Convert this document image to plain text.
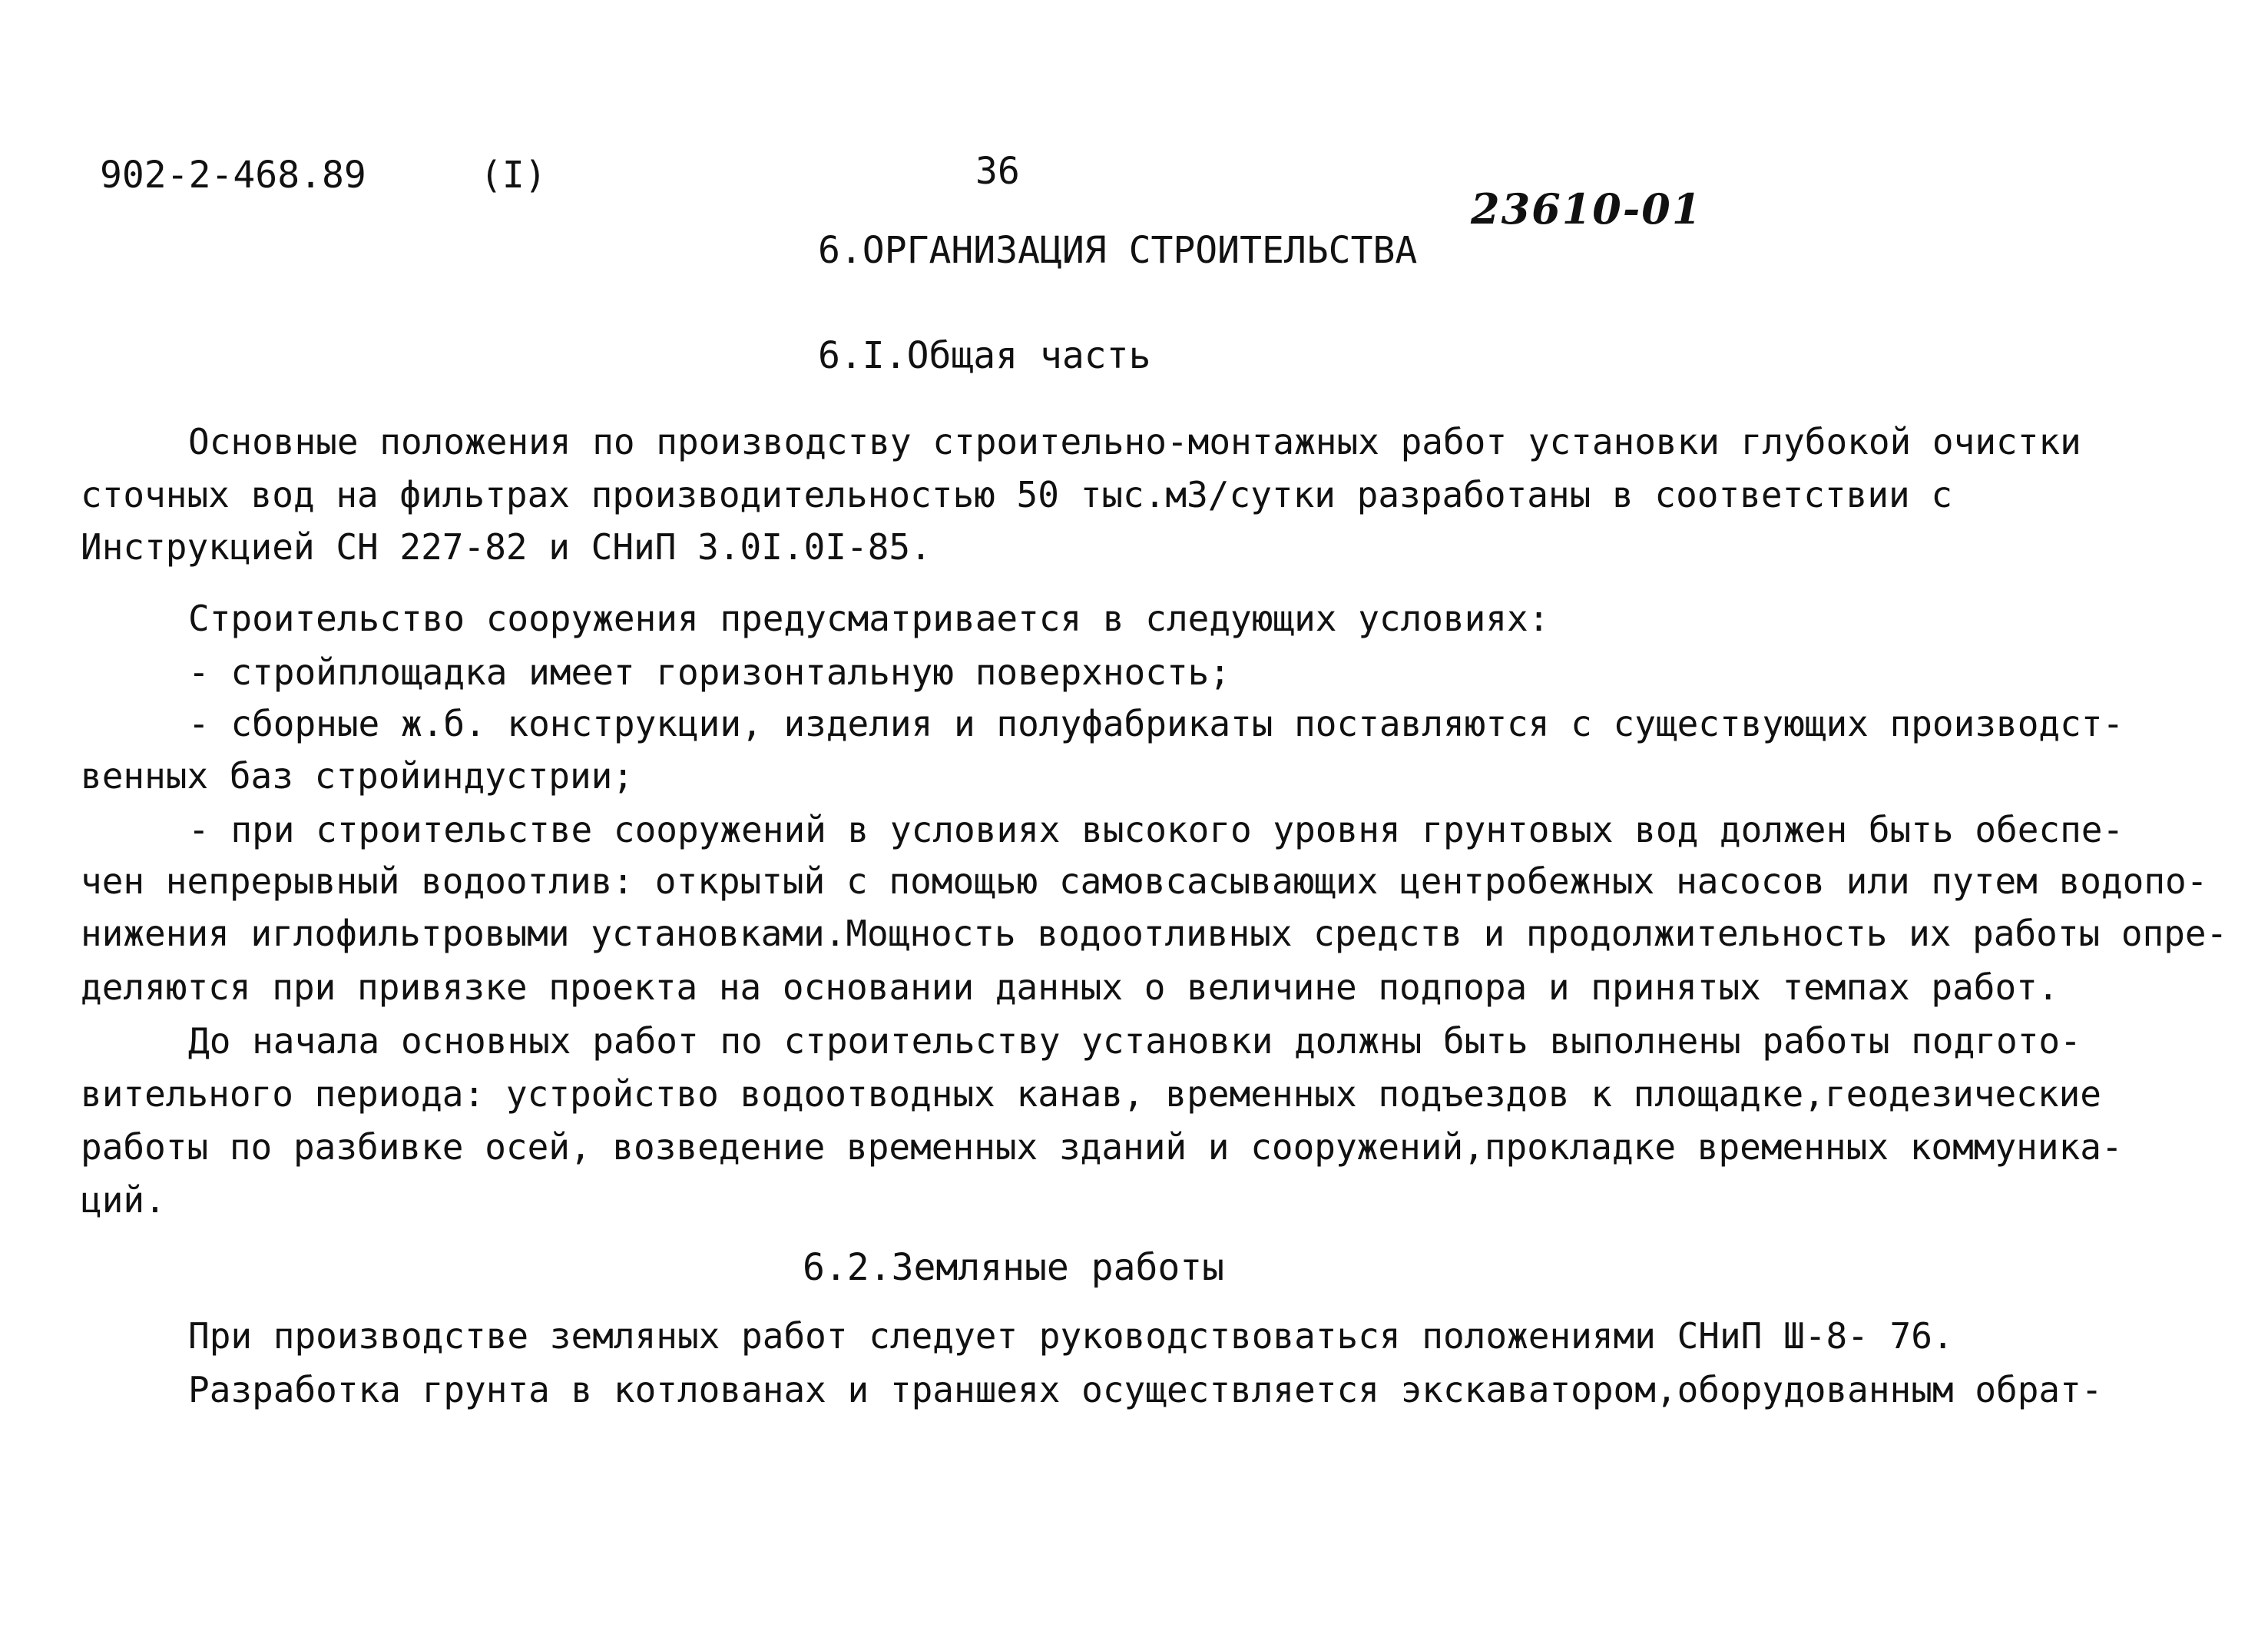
902-2-468.89	(I)	36
23610-01
6.ОРГАНИЗАЦИЯ СТРОИТЕЛЬСТВА
6.I.Общая часть
Основные положения по производству строительно-монтажных работ установки глубокой очистки
сточных вод на фильтрах производительностью 50 тыс.м3/сутки разработаны в соответствии с
Инструкцией СН 227-82 и СНиП 3.0I.0I-85.
Строительство сооружения предусматривается в следующих условиях:
- стройплощадка имеет горизонтальную поверхность;
- сборные ж.б. конструкции, изделия и полуфабрикаты поставляются с существующих производст-
венных баз стройиндустрии;
- при строительстве сооружений в условиях высокого уровня грунтовых вод должен быть обеспе-
чен непрерывный водоотлив: открытый с помощью самовсасывающих центробежных насосов или путем водопо-
нижения иглофильтровыми установками.Мощность водоотливных средств и продолжительность их работы опре-
деляются при привязке проекта на основании данных о величине подпора и принятых темпах работ.
До начала основных работ по строительству установки должны быть выполнены работы подгото-
вительного периода: устройство водоотводных канав, временных подъездов к площадке,геодезические
работы по разбивке осей, возведение временных зданий и сооружений,прокладке временных коммуника-
ций.
6.2.Земляные работы
При производстве земляных работ следует руководствоваться положениями СНиП Ш-8- 76.
Разработка грунта в котлованах и траншеях осуществляется экскаватором,оборудованным обрат-
